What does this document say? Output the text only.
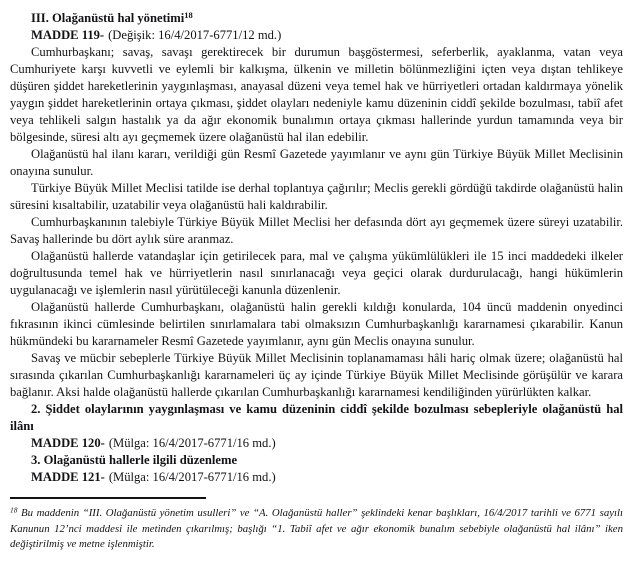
III. Olağanüstü hal yönetimi$^{18}$

MADDE 119- (Değişik: 16/4/2017-6771/12 md.)

Cumhurbaşkanı; savaş, savaşı gerektirecek bir durumun başgöstermesi, seferberlik, ayaklanma, vatan veya Cumhuriyete karşı kuvvetli ve eylemli bir kalkışma, ülkenin ve milletin bölünmezliğini içten veya dıştan tehlikeye düşüren şiddet hareketlerinin yaygınlaşması, anayasal düzeni veya temel hak ve hürriyetleri ortadan kaldırmaya yönelik yaygın şiddet hareketlerinin ortaya çıkması, şiddet olayları nedeniyle kamu düzeninin ciddî şekilde bozulması, tabiî afet veya tehlikeli salgın hastalık ya da ağır ekonomik bunalımın ortaya çıkması hallerinde yurdun tamamında veya bir bölgesinde, süresi altı ayı geçmemek üzere olağanüstü hal ilan edebilir.

Olağanüstü hal ilanı kararı, verildiği gün Resmî Gazetede yayımlanır ve aynı gün Türkiye Büyük Millet Meclisinin onayına sunulur.

Türkiye Büyük Millet Meclisi tatilde ise derhal toplantıya çağırılır; Meclis gerekli gördüğü takdirde olağanüstü halin süresini kısaltabilir, uzatabilir veya olağanüstü hali kaldırabilir.

Cumhurbaşkanının talebiyle Türkiye Büyük Millet Meclisi her defasında dört ayı geçmemek üzere süreyi uzatabilir. Savaş hallerinde bu dört aylık süre aranmaz.

Olağanüstü hallerde vatandaşlar için getirilecek para, mal ve çalışma yükümlülükleri ile 15 inci maddedeki ilkeler doğrultusunda temel hak ve hürriyetlerin nasıl sınırlanacağı veya geçici olarak durdurulacağı, hangi hükümlerin uygulanacağı ve işlemlerin nasıl yürütüleceği kanunla düzenlenir.

Olağanüstü hallerde Cumhurbaşkanı, olağanüstü halin gerekli kıldığı konularda, 104 üncü maddenin onyedinci fıkrasının ikinci cümlesinde belirtilen sınırlamalara tabi olmaksızın Cumhurbaşkanlığı kararnamesi çıkarabilir. Kanun hükmündeki bu kararnameler Resmî Gazetede yayımlanır, aynı gün Meclis onayına sunulur.

Savaş ve mücbir sebeplerle Türkiye Büyük Millet Meclisinin toplanamaması hâli hariç olmak üzere; olağanüstü hal sırasında çıkarılan Cumhurbaşkanlığı kararnameleri üç ay içinde Türkiye Büyük Millet Meclisinde görüşülür ve karara bağlanır. Aksi halde olağanüstü hallerde çıkarılan Cumhurbaşkanlığı kararnamesi kendiliğinden yürürlükten kalkar.

2. Şiddet olaylarının yaygınlaşması ve kamu düzeninin ciddî şekilde bozulması sebepleriyle olağanüstü hal ilânı

MADDE 120- (Mülga: 16/4/2017-6771/16 md.)

3. Olağanüstü hallerle ilgili düzenleme

MADDE 121- (Mülga: 16/4/2017-6771/16 md.)

$^{18}$ Bu maddenin “III. Olağanüstü yönetim usulleri” ve “A. Olağanüstü haller” şeklindeki kenar başlıkları, 16/4/2017 tarihli ve 6771 sayılı Kanunun 12’nci maddesi ile metinden çıkarılmış; başlığı “1. Tabiî afet ve ağır ekonomik bunalım sebebiyle olağanüstü hal ilânı” iken değiştirilmiş ve metne işlenmiştir.
